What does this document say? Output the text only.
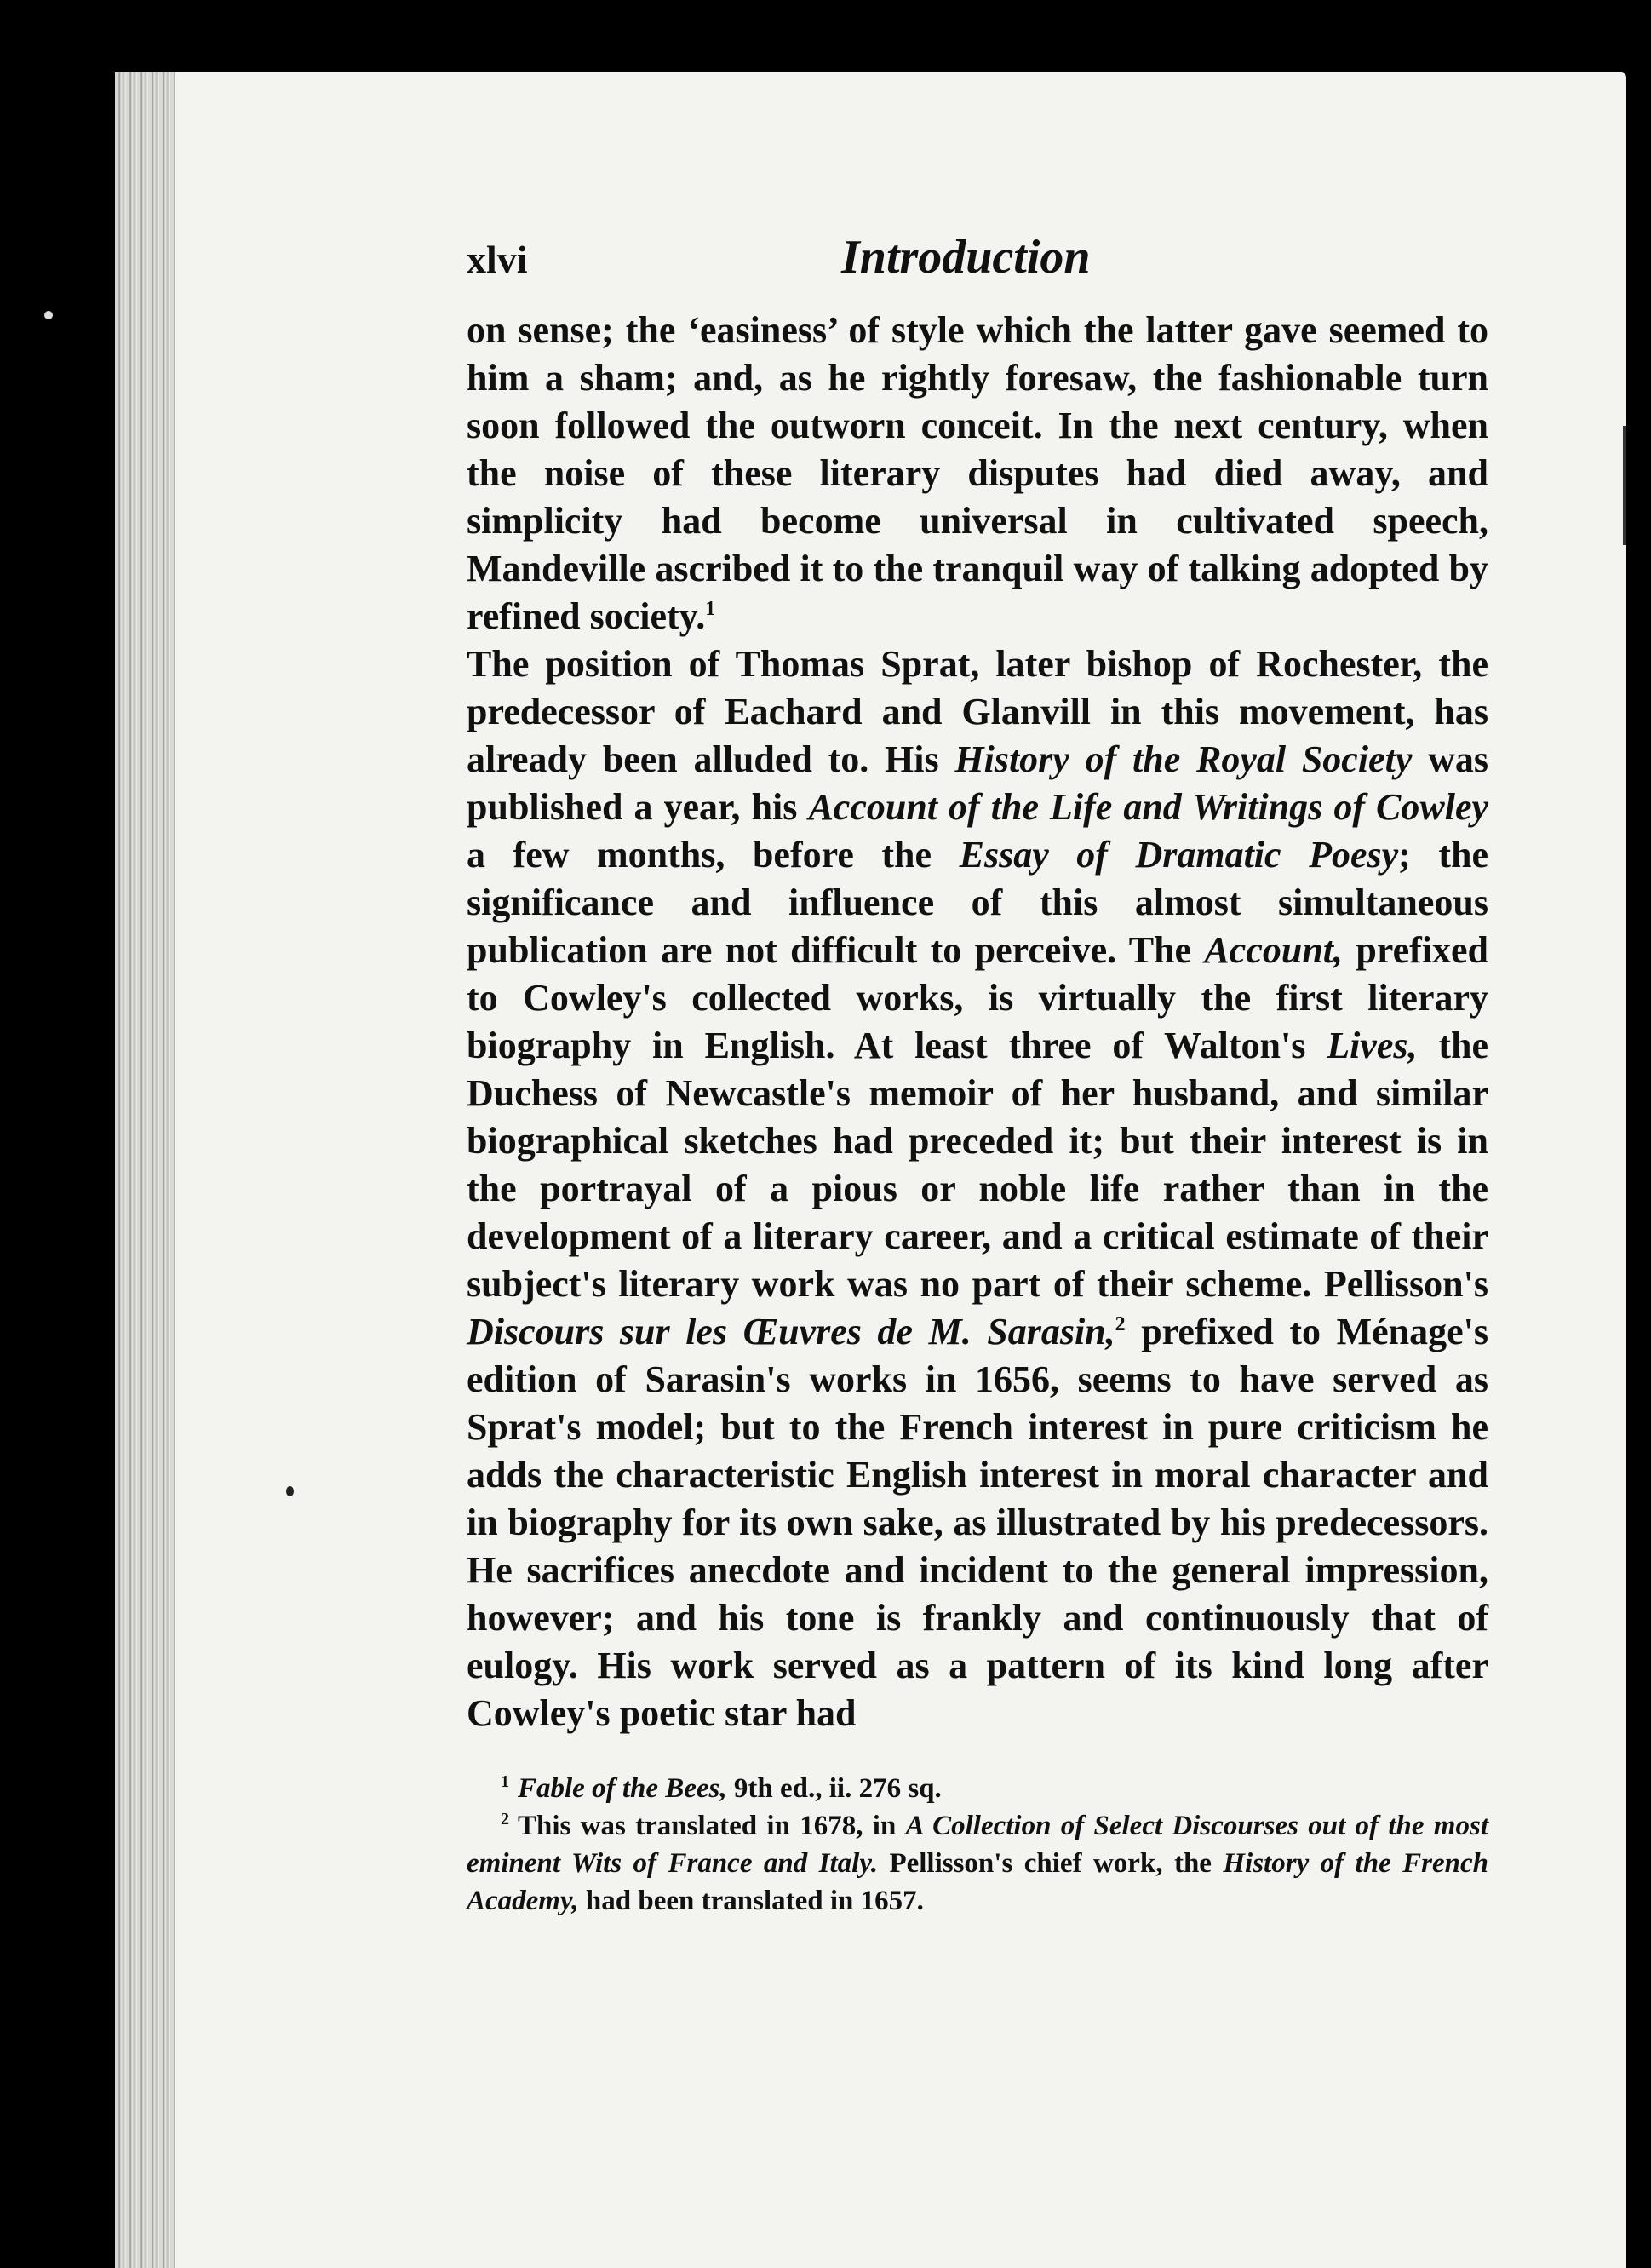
xlvi	Introduction

on sense; the ‘easiness’ of style which the latter gave seemed to him a sham; and, as he rightly foresaw, the fashionable turn soon followed the outworn conceit. In the next century, when the noise of these literary disputes had died away, and simplicity had become universal in cultivated speech, Mandeville ascribed it to the tranquil way of talking adopted by refined society.$^1$

The position of Thomas Sprat, later bishop of Rochester, the predecessor of Eachard and Glanvill in this movement, has already been alluded to. His History of the Royal Society was published a year, his Account of the Life and Writings of Cowley a few months, before the Essay of Dramatic Poesy; the significance and influence of this almost simultaneous publication are not difficult to perceive. The Account, prefixed to Cowley's collected works, is virtually the first literary biography in English. At least three of Walton's Lives, the Duchess of Newcastle's memoir of her husband, and similar biographical sketches had preceded it; but their interest is in the portrayal of a pious or noble life rather than in the development of a literary career, and a critical estimate of their subject's literary work was no part of their scheme. Pellisson's Discours sur les Œuvres de M. Sarasin,$^2$ prefixed to Ménage's edition of Sarasin's works in 1656, seems to have served as Sprat's model; but to the French interest in pure criticism he adds the characteristic English interest in moral character and in biography for its own sake, as illustrated by his predecessors. He sacrifices anecdote and incident to the general impression, however; and his tone is frankly and continuously that of eulogy. His work served as a pattern of its kind long after Cowley's poetic star had

$^1$ Fable of the Bees, 9th ed., ii. 276 sq.

$^2$ This was translated in 1678, in A Collection of Select Discourses out of the most eminent Wits of France and Italy. Pellisson's chief work, the History of the French Academy, had been translated in 1657.
